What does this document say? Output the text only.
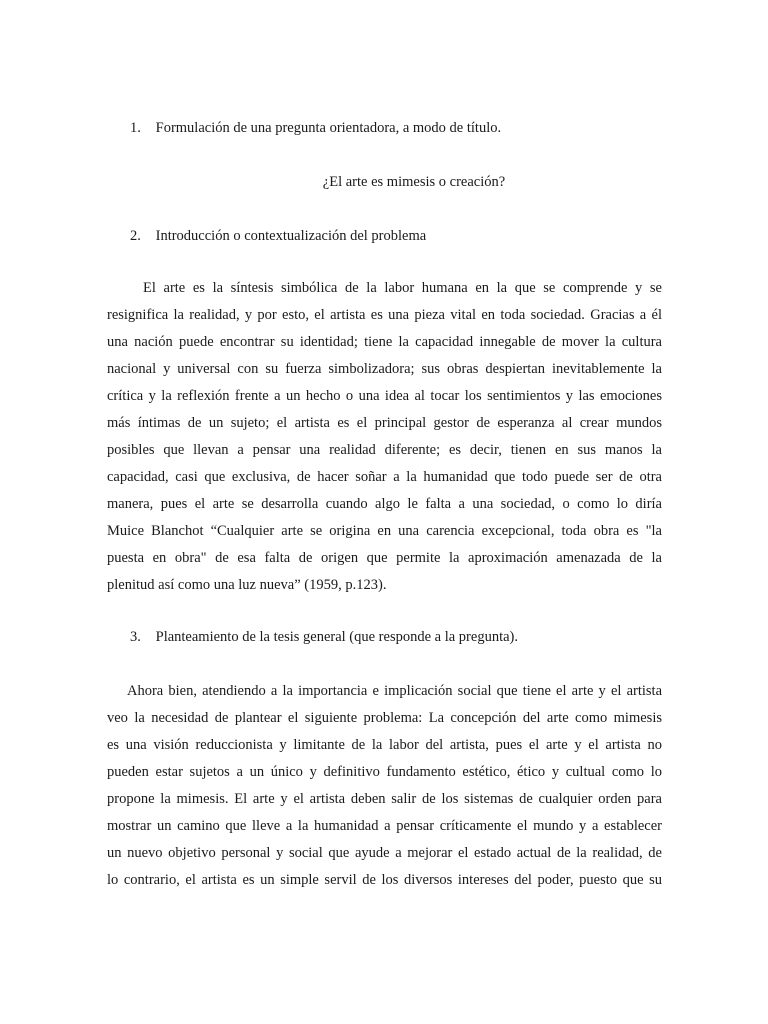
1. Formulación de una pregunta orientadora, a modo de título.
¿El arte es mimesis o creación?
2. Introducción o contextualización del problema
El arte es la síntesis simbólica de la labor humana en la que se comprende y se
resignifica la realidad, y por esto, el artista es una pieza vital en toda sociedad. Gracias a él
una nación puede encontrar su identidad; tiene la capacidad innegable de mover la cultura
nacional y universal con su fuerza simbolizadora; sus obras despiertan inevitablemente la
crítica y la reflexión frente a un hecho o una idea al tocar los sentimientos y las emociones
más íntimas de un sujeto; el artista es el principal gestor de esperanza al crear mundos
posibles que llevan a pensar una realidad diferente; es decir, tienen en sus manos la
capacidad, casi que exclusiva, de hacer soñar a la humanidad que todo puede ser de otra
manera, pues el arte se desarrolla cuando algo le falta a una sociedad, o como lo diría
Muice Blanchot “Cualquier arte se origina en una carencia excepcional, toda obra es "la
puesta en obra" de esa falta de origen que permite la aproximación amenazada de la
plenitud así como una luz nueva” (1959, p.123).
3. Planteamiento de la tesis general (que responde a la pregunta).
Ahora bien, atendiendo a la importancia e implicación social que tiene el arte y el artista
veo la necesidad de plantear el siguiente problema: La concepción del arte como mimesis
es una visión reduccionista y limitante de la labor del artista, pues el arte y el artista no
pueden estar sujetos a un único y definitivo fundamento estético, ético y cultual como lo
propone la mimesis. El arte y el artista deben salir de los sistemas de cualquier orden para
mostrar un camino que lleve a la humanidad a pensar críticamente el mundo y a establecer
un nuevo objetivo personal y social que ayude a mejorar el estado actual de la realidad, de
lo contrario, el artista es un simple servil de los diversos intereses del poder, puesto que su
